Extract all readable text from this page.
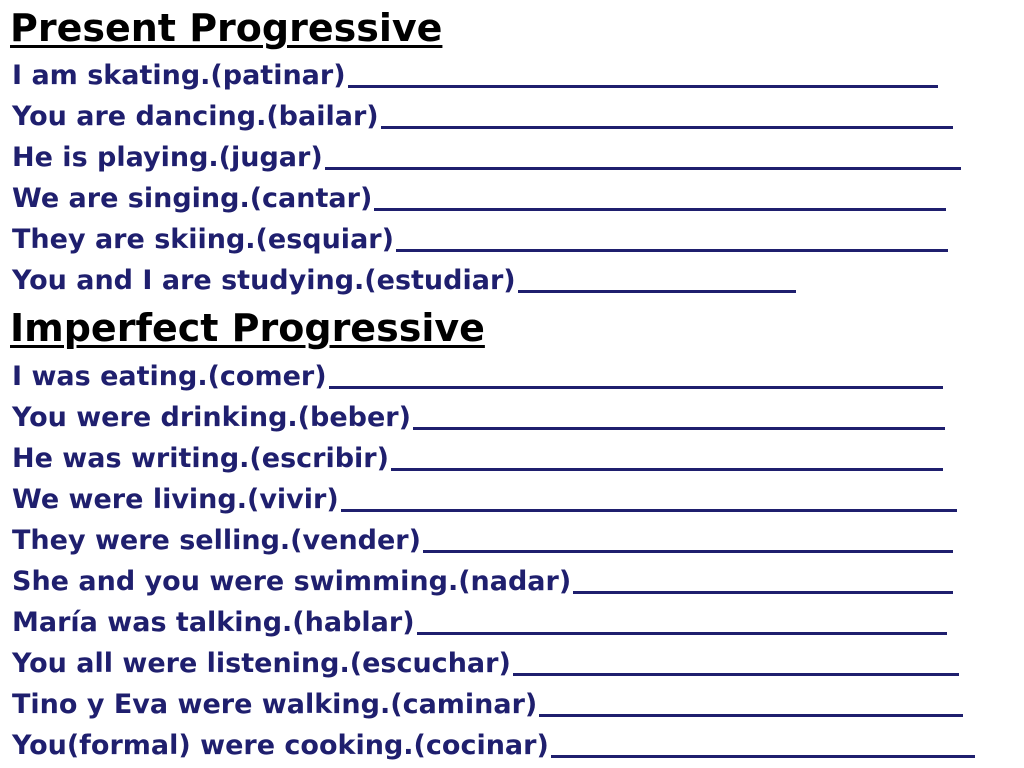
Present Progressive
I am skating.(patinar)
You are dancing.(bailar)
He is playing.(jugar)
We are singing.(cantar)
They are skiing.(esquiar)
You and I are studying.(estudiar)
Imperfect Progressive
I was eating.(comer)
You were drinking.(beber)
He was writing.(escribir)
We were living.(vivir)
They were selling.(vender)
She and you were swimming.(nadar)
María was talking.(hablar)
You all were listening.(escuchar)
Tino y Eva were walking.(caminar)
You(formal) were cooking.(cocinar)
